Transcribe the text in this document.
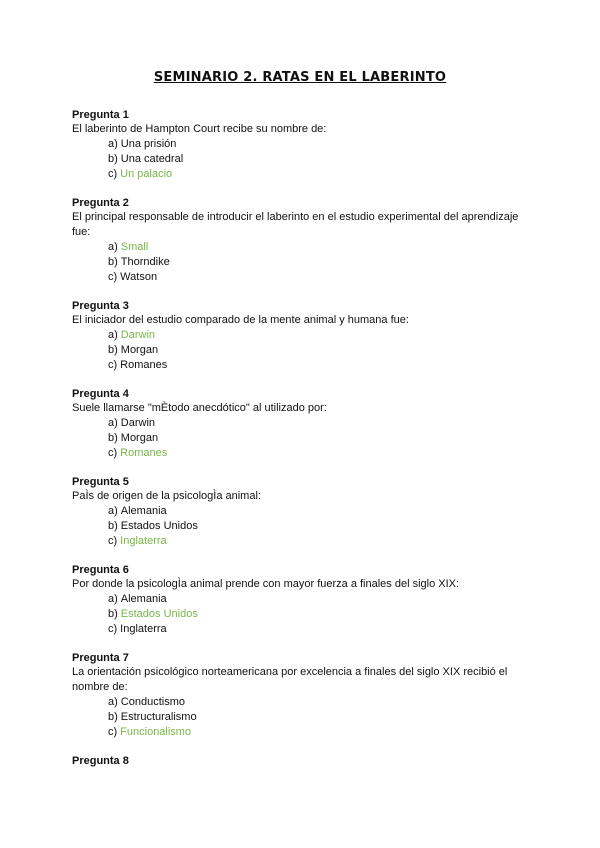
SEMINARIO 2. RATAS EN EL LABERINTO
Pregunta 1
El laberinto de Hampton Court recibe su nombre de:
a) Una prisión
b) Una catedral
c) Un palacio
Pregunta 2
El principal responsable de introducir el laberinto en el estudio experimental del aprendizaje fue:
a) Small
b) Thorndike
c) Watson
Pregunta 3
El iniciador del estudio comparado de la mente animal y humana fue:
a) Darwin
b) Morgan
c) Romanes
Pregunta 4
Suele llamarse "mÈtodo anecdótico" al utilizado por:
a) Darwin
b) Morgan
c) Romanes
Pregunta 5
PaÌs de origen de la psicologÌa animal:
a) Alemania
b) Estados Unidos
c) Inglaterra
Pregunta 6
Por donde la psicologÌa animal prende con mayor fuerza a finales del siglo XIX:
a) Alemania
b) Estados Unidos
c) Inglaterra
Pregunta 7
La orientación psicológico norteamericana por excelencia a finales del siglo XIX recibió el nombre de:
a) Conductismo
b) Estructuralismo
c) Funcionalismo
Pregunta 8
